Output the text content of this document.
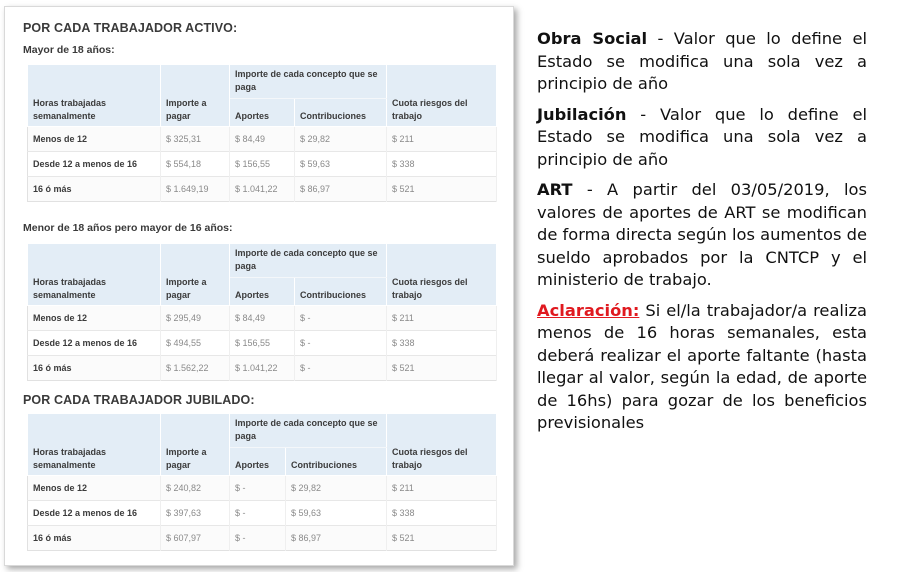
POR CADA TRABAJADOR ACTIVO:
Mayor de 18 años:
Horas trabajadas semanalmente	Importe a pagar	Importe de cada concepto que se paga		Cuota riesgos del trabajo
		Aportes	Contribuciones	
Menos de 12	$ 325,31	$ 84,49	$ 29,82	$ 211
Desde 12 a menos de 16	$ 554,18	$ 156,55	$ 59,63	$ 338
16 ó más	$ 1.649,19	$ 1.041,22	$ 86,97	$ 521
Menor de 18 años pero mayor de 16 años:
Horas trabajadas semanalmente	Importe a pagar	Importe de cada concepto que se paga		Cuota riesgos del trabajo
		Aportes	Contribuciones	
Menos de 12	$ 295,49	$ 84,49	$ -	$ 211
Desde 12 a menos de 16	$ 494,55	$ 156,55	$ -	$ 338
16 ó más	$ 1.562,22	$ 1.041,22	$ -	$ 521
POR CADA TRABAJADOR JUBILADO:
Horas trabajadas semanalmente	Importe a pagar	Importe de cada concepto que se paga		Cuota riesgos del trabajo
		Aportes	Contribuciones	
Menos de 12	$ 240,82	$ -	$ 29,82	$ 211
Desde 12 a menos de 16	$ 397,63	$ -	$ 59,63	$ 338
16 ó más	$ 607,97	$ -	$ 86,97	$ 521

Obra Social - Valor que lo define el Estado se modifica una sola vez a principio de año

Jubilación - Valor que lo define el Estado se modifica una sola vez a principio de año

ART - A partir del 03/05/2019, los valores de aportes de ART se modifican de forma directa según los aumentos de sueldo aprobados por la CNTCP y el ministerio de trabajo.

Aclaración: Si el/la trabajador/a realiza menos de 16 horas semanales, esta deberá realizar el aporte faltante (hasta llegar al valor, según la edad, de aporte de 16hs) para gozar de los beneficios previsionales
